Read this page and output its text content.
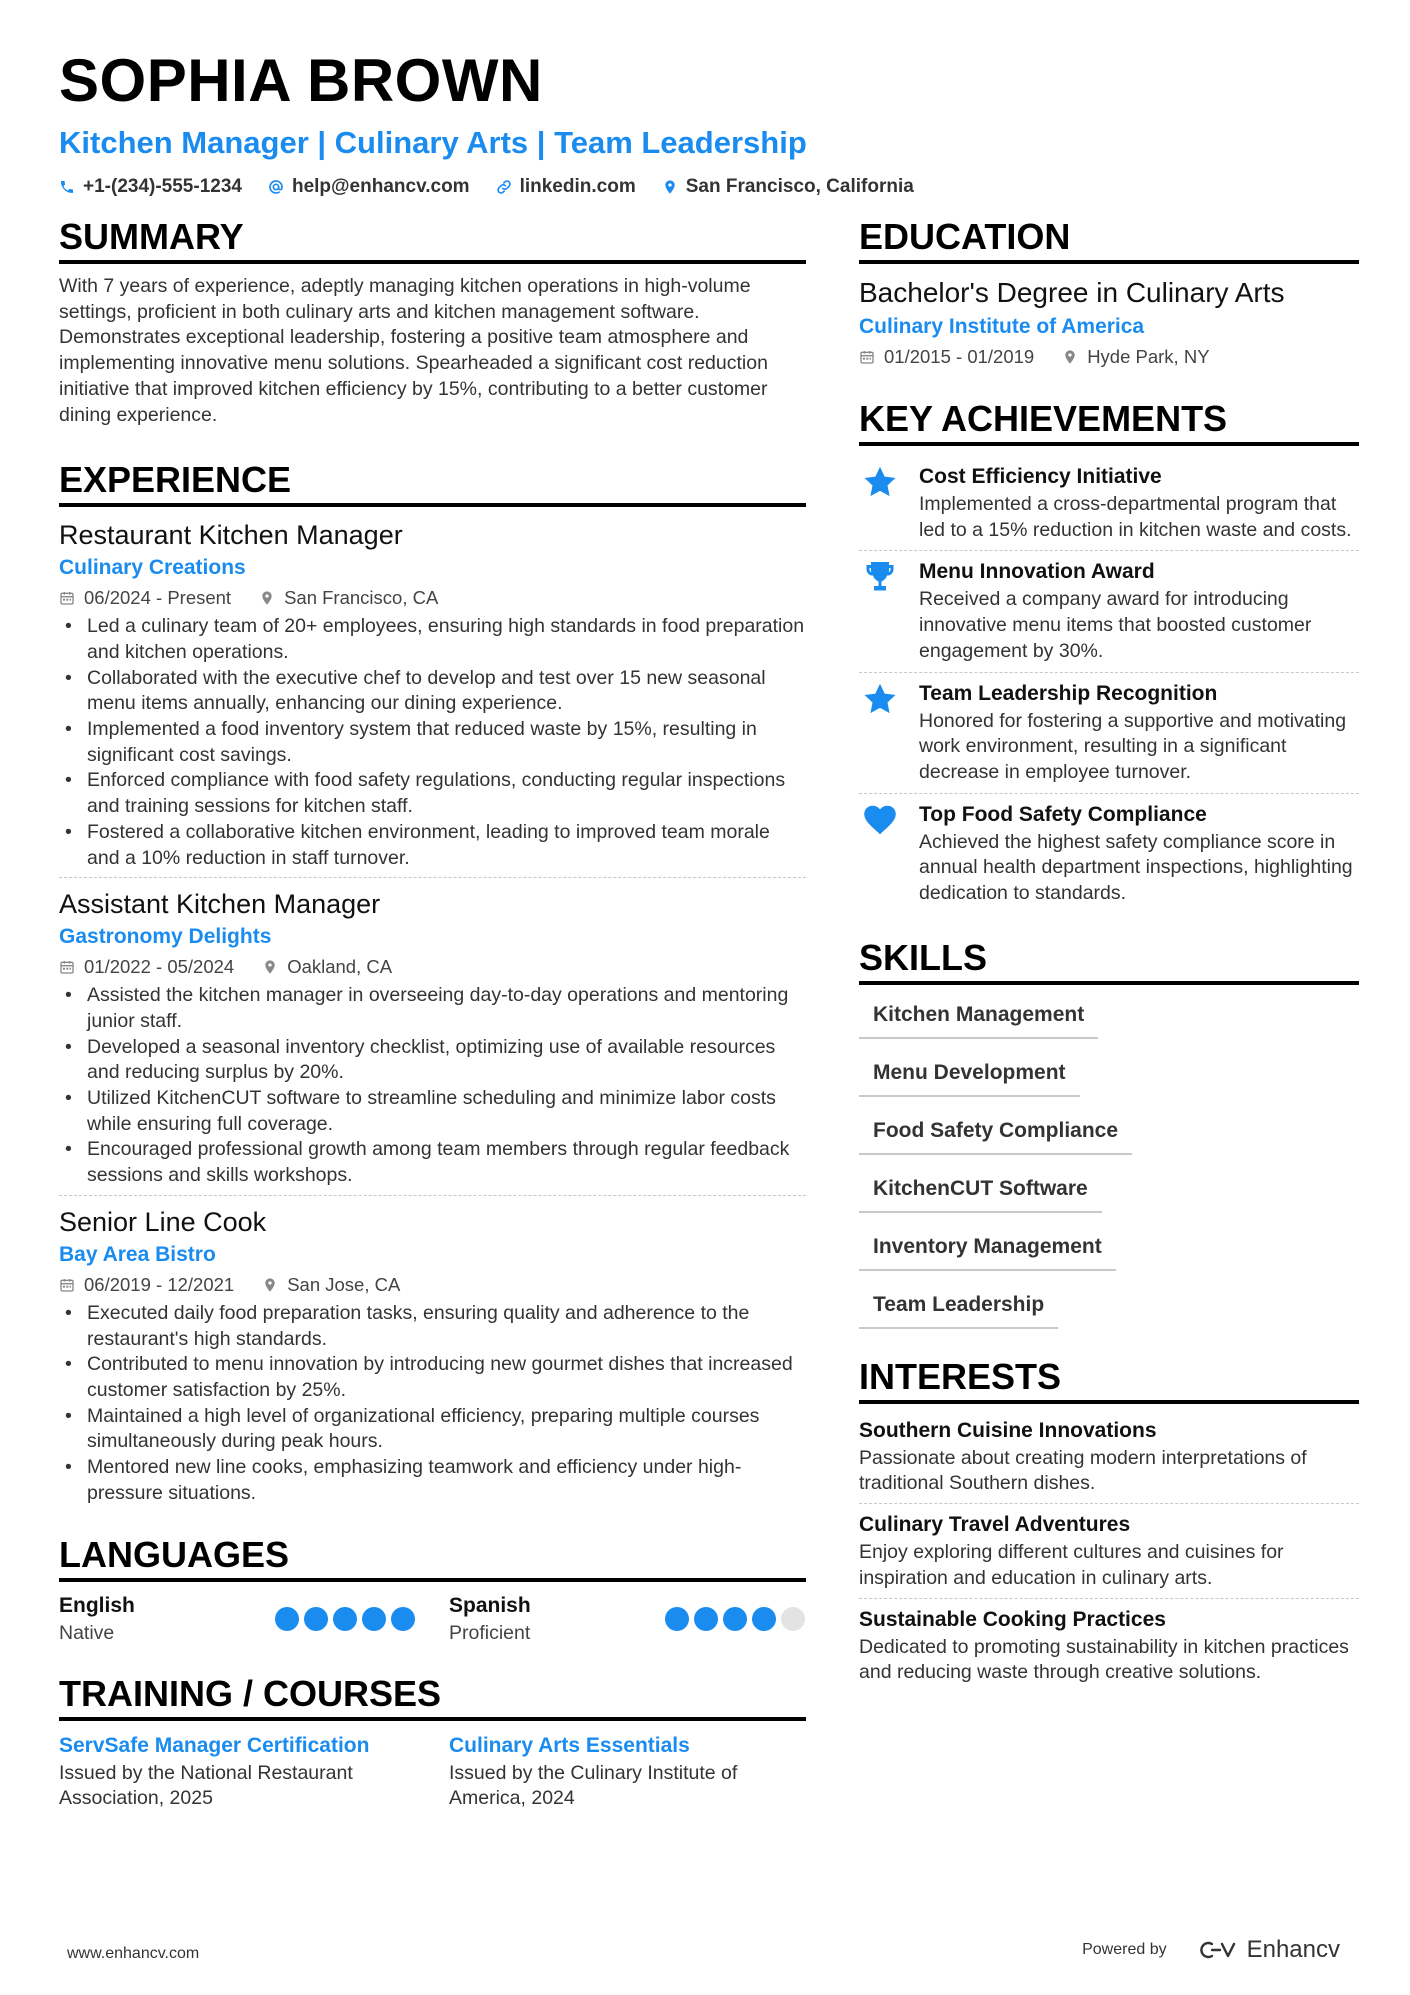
SOPHIA BROWN
Kitchen Manager | Culinary Arts | Team Leadership
+1-(234)-555-1234	help@enhancv.com	linkedin.com	San Francisco, California
SUMMARY
With 7 years of experience, adeptly managing kitchen operations in high-volume settings, proficient in both culinary arts and kitchen management software. Demonstrates exceptional leadership, fostering a positive team atmosphere and implementing innovative menu solutions. Spearheaded a significant cost reduction initiative that improved kitchen efficiency by 15%, contributing to a better customer dining experience.
EXPERIENCE
Restaurant Kitchen Manager
Culinary Creations
06/2024 - Present	San Francisco, CA
• Led a culinary team of 20+ employees, ensuring high standards in food preparation and kitchen operations.
• Collaborated with the executive chef to develop and test over 15 new seasonal menu items annually, enhancing our dining experience.
• Implemented a food inventory system that reduced waste by 15%, resulting in significant cost savings.
• Enforced compliance with food safety regulations, conducting regular inspections and training sessions for kitchen staff.
• Fostered a collaborative kitchen environment, leading to improved team morale and a 10% reduction in staff turnover.
Assistant Kitchen Manager
Gastronomy Delights
01/2022 - 05/2024	Oakland, CA
• Assisted the kitchen manager in overseeing day-to-day operations and mentoring junior staff.
• Developed a seasonal inventory checklist, optimizing use of available resources and reducing surplus by 20%.
• Utilized KitchenCUT software to streamline scheduling and minimize labor costs while ensuring full coverage.
• Encouraged professional growth among team members through regular feedback sessions and skills workshops.
Senior Line Cook
Bay Area Bistro
06/2019 - 12/2021	San Jose, CA
• Executed daily food preparation tasks, ensuring quality and adherence to the restaurant's high standards.
• Contributed to menu innovation by introducing new gourmet dishes that increased customer satisfaction by 25%.
• Maintained a high level of organizational efficiency, preparing multiple courses simultaneously during peak hours.
• Mentored new line cooks, emphasizing teamwork and efficiency under high-pressure situations.
LANGUAGES
English
Native
Spanish
Proficient
TRAINING / COURSES
ServSafe Manager Certification
Issued by the National Restaurant Association, 2025
Culinary Arts Essentials
Issued by the Culinary Institute of America, 2024
EDUCATION
Bachelor's Degree in Culinary Arts
Culinary Institute of America
01/2015 - 01/2019	Hyde Park, NY
KEY ACHIEVEMENTS
Cost Efficiency Initiative
Implemented a cross-departmental program that led to a 15% reduction in kitchen waste and costs.
Menu Innovation Award
Received a company award for introducing innovative menu items that boosted customer engagement by 30%.
Team Leadership Recognition
Honored for fostering a supportive and motivating work environment, resulting in a significant decrease in employee turnover.
Top Food Safety Compliance
Achieved the highest safety compliance score in annual health department inspections, highlighting dedication to standards.
SKILLS
Kitchen Management
Menu Development
Food Safety Compliance
KitchenCUT Software
Inventory Management
Team Leadership
INTERESTS
Southern Cuisine Innovations
Passionate about creating modern interpretations of traditional Southern dishes.
Culinary Travel Adventures
Enjoy exploring different cultures and cuisines for inspiration and education in culinary arts.
Sustainable Cooking Practices
Dedicated to promoting sustainability in kitchen practices and reducing waste through creative solutions.
www.enhancv.com	Powered by	Enhancv
